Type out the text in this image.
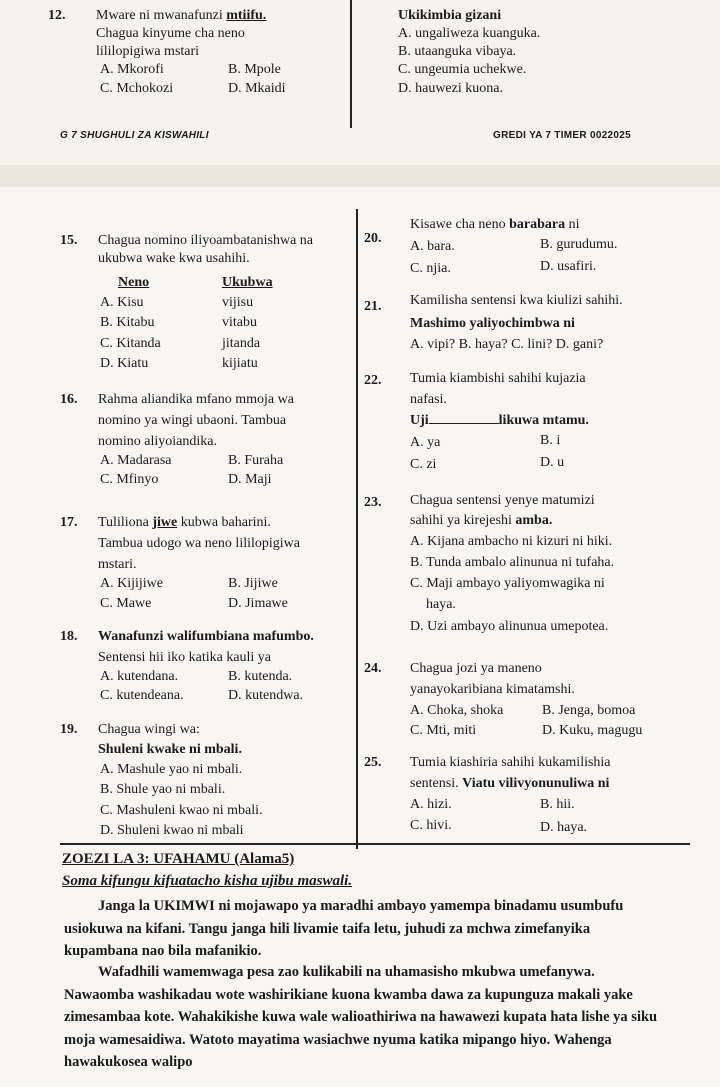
12. Mware ni mwanafunzi mtiifu.
Chagua kinyume cha neno
lililopigiwa mstari
A. Mkorofi	B. Mpole
C. Mchokozi	D. Mkaidi
Ukikimbia gizani
A. ungaliweza kuanguka.
B. utaanguka vibaya.
C. ungeumia uchekwe.
D. hauwezi kuona.
G 7 SHUGHULI ZA KISWAHILI	GREDI YA 7 TIMER 0022025
15. Chagua nomino iliyoambatanishwa na
ukubwa wake kwa usahihi.
Neno	Ukubwa
A. Kisu	vijisu
B. Kitabu	vitabu
C. Kitanda	jitanda
D. Kiatu	kijiatu
16. Rahma aliandika mfano mmoja wa
nomino ya wingi ubaoni. Tambua
nomino aliyoiandika.
A. Madarasa	B. Furaha
C. Mfinyo	D. Maji
17. Tuliliona jiwe kubwa baharini.
Tambua udogo wa neno lililopigiwa
mstari.
A. Kijijiwe	B. Jijiwe
C. Mawe	D. Jimawe
18. Wanafunzi walifumbiana mafumbo.
Sentensi hii iko katika kauli ya
A. kutendana.	B. kutenda.
C. kutendeana.	D. kutendwa.
19. Chagua wingi wa:
Shuleni kwake ni mbali.
A. Mashule yao ni mbali.
B. Shule yao ni mbali.
C. Mashuleni kwao ni mbali.
D. Shuleni kwao ni mbali
20.
Kisawe cha neno barabara ni
A. bara.	B. gurudumu.
C. njia.	D. usafiri.
21. Kamilisha sentensi kwa kiulizi sahihi.
Mashimo yaliyochimbwa ni
A. vipi? B. haya? C. lini? D. gani?
22. Tumia kiambishi sahihi kujazia
nafasi.
Uji	likuwa mtamu.
A. ya	B. i
C. zi	D. u
23. Chagua sentensi yenye matumizi
sahihi ya kirejeshi amba.
A. Kijana ambacho ni kizuri ni hiki.
B. Tunda ambalo alinunua ni tufaha.
C. Maji ambayo yaliyomwagika ni
haya.
D. Uzi ambayo alinunua umepotea.
24. Chagua jozi ya maneno
yanayokaribiana kimatamshi.
A. Choka, shoka	B. Jenga, bomoa
C. Mti, miti	D. Kuku, magugu
25. Tumia kiashiria sahihi kukamilishia
sentensi. Viatu vilivyonunuliwa ni
A. hizi.	B. hii.
C. hivi.	D. haya.
ZOEZI LA 3: UFAHAMU (Alama5)
Soma kifungu kifuatacho kisha ujibu maswali.

Janga la UKIMWI ni mojawapo ya maradhi ambayo yamempa binadamu usumbufu usiokuwa na kifani. Tangu janga hili livamie taifa letu, juhudi za mchwa zimefanyika kupambana nao bila mafanikio.

Wafadhili wamemwaga pesa zao kulikabili na uhamasisho mkubwa umefanywa. Nawaomba washikadau wote washirikiane kuona kwamba dawa za kupunguza makali yake zimesambaa kote. Wahakikishe kuwa wale walioathiriwa na hawawezi kupata hata lishe ya siku moja wamesaidiwa. Watoto mayatima wasiachwe nyuma katika mipango hiyo. Wahenga hawakukosea walipo
